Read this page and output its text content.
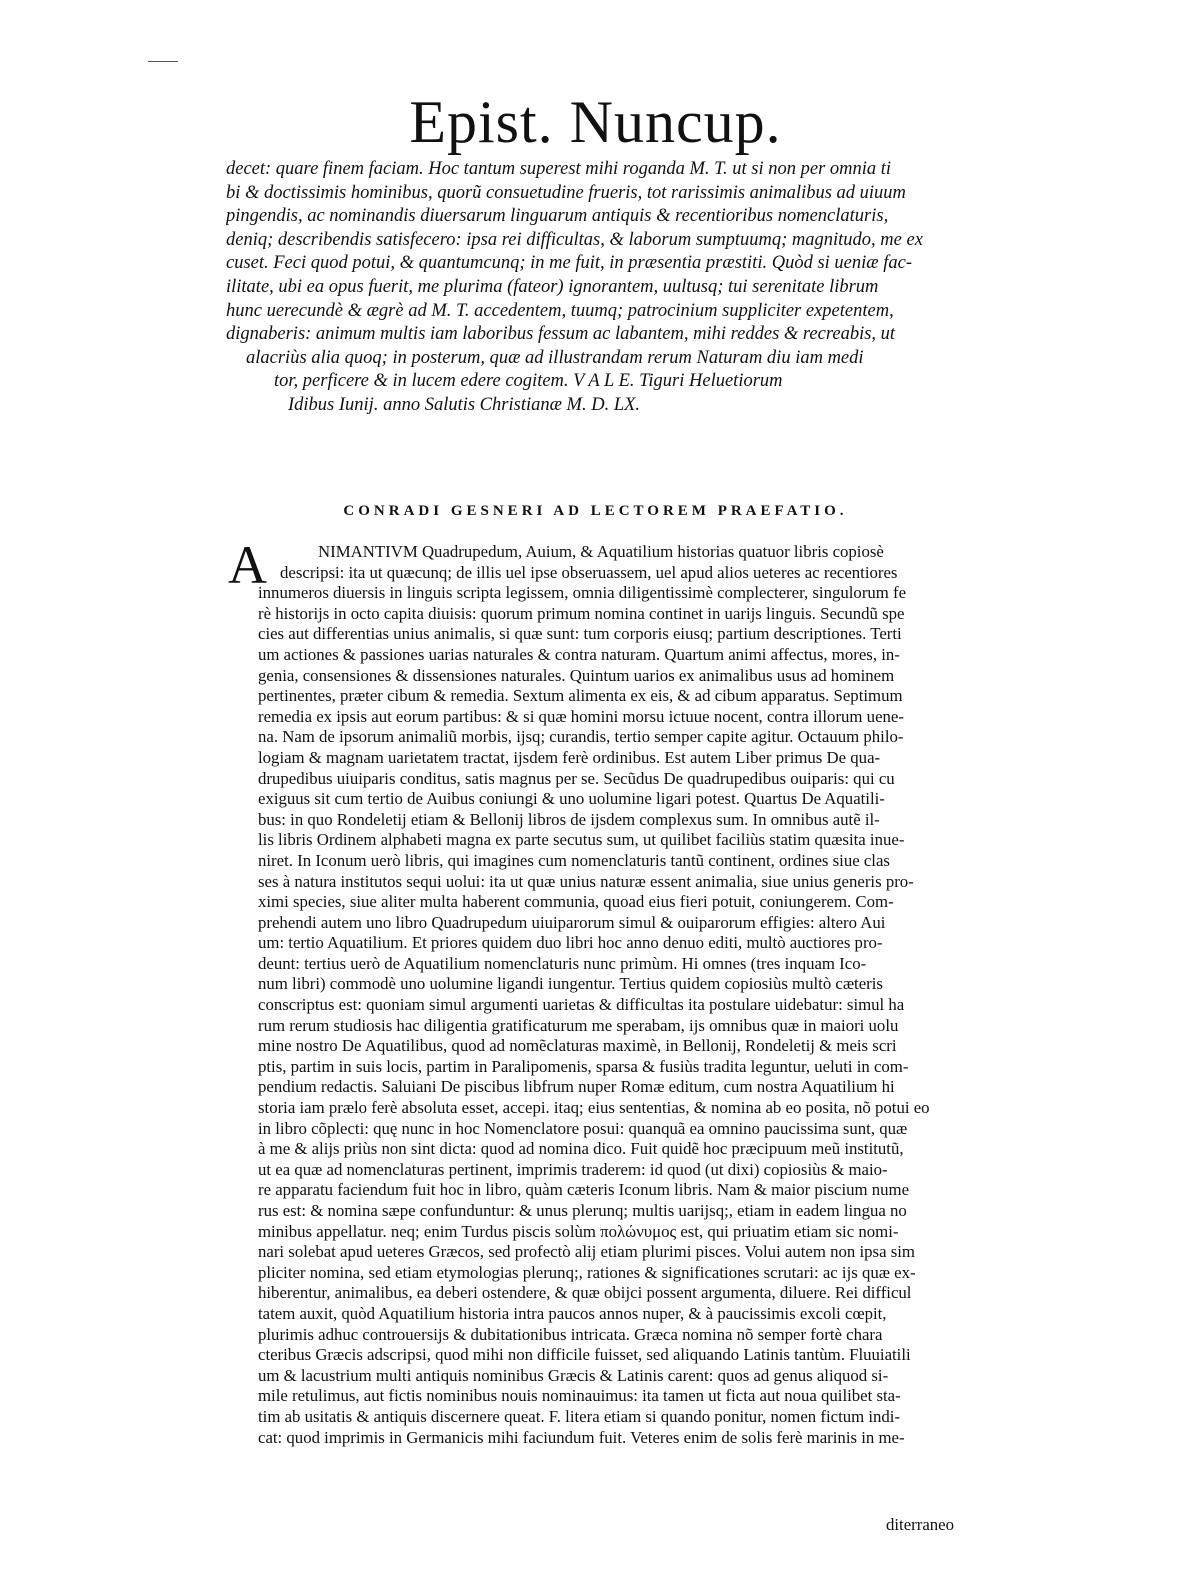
Epist. Nuncup.
decet: quare finem faciam. Hoc tantum superest mihi roganda M. T. ut si non per omnia ti
bi & doctissimis hominibus, quorũ consuetudine frueris, tot rarissimis animalibus ad uiuum
pingendis, ac nominandis diuersarum linguarum antiquis & recentioribus nomenclaturis,
deniq; describendis satisfecero: ipsa rei difficultas, & laborum sumptuumq; magnitudo, me ex
cuset. Feci quod potui, & quantumcunq; in me fuit, in præsentia præstiti. Quòd si ueniæ fac-
ilitate, ubi ea opus fuerit, me plurima (fateor) ignorantem, uultusq; tui serenitate librum
hunc uerecundè & ægrè ad M. T. accedentem, tuumq; patrocinium suppliciter expetentem,
dignaberis: animum multis iam laboribus fessum ac labantem, mihi reddes & recreabis, ut
alacriùs alia quoq; in posterum, quæ ad illustrandam rerum Naturam diu iam medi
tor, perficere & in lucem edere cogitem. V A L E. Tiguri Heluetiorum
Idibus Iunij. anno Salutis Christianæ M. D. LX.
CONRADI GESNERI AD LECTOREM PRAEFATIO.
A	NIMANTIVM Quadrupedum, Auium, & Aquatilium historias quatuor libris copiosè
descripsi: ita ut quæcunq; de illis uel ipse obseruassem, uel apud alios ueteres ac recentiores
innumeros diuersis in linguis scripta legissem, omnia diligentissimè complecterer, singulorum fe
rè historijs in octo capita diuisis: quorum primum nomina continet in uarijs linguis. Secundũ spe
cies aut differentias unius animalis, si quæ sunt: tum corporis eiusq; partium descriptiones. Terti
um actiones & passiones uarias naturales & contra naturam. Quartum animi affectus, mores, in-
genia, consensiones & dissensiones naturales. Quintum uarios ex animalibus usus ad hominem
pertinentes, præter cibum & remedia. Sextum alimenta ex eis, & ad cibum apparatus. Septimum
remedia ex ipsis aut eorum partibus: & si quæ homini morsu ictuue nocent, contra illorum uene-
na. Nam de ipsorum animaliũ morbis, ijsq; curandis, tertio semper capite agitur. Octauum philo-
logiam & magnam uarietatem tractat, ijsdem ferè ordinibus. Est autem Liber primus De qua-
drupedibus uiuiparis conditus, satis magnus per se. Secũdus De quadrupedibus ouiparis: qui cu
exiguus sit cum tertio de Auibus coniungi & uno uolumine ligari potest. Quartus De Aquatili-
bus: in quo Rondeletij etiam & Bellonij libros de ijsdem complexus sum. In omnibus autẽ il-
lis libris Ordinem alphabeti magna ex parte secutus sum, ut quilibet faciliùs statim quæsita inue-
niret. In Iconum uerò libris, qui imagines cum nomenclaturis tantũ continent, ordines siue clas
ses à natura institutos sequi uolui: ita ut quæ unius naturæ essent animalia, siue unius generis pro-
ximi species, siue aliter multa haberent communia, quoad eius fieri potuit, coniungerem. Com-
prehendi autem uno libro Quadrupedum uiuiparorum simul & ouiparorum effigies: altero Aui
um: tertio Aquatilium. Et priores quidem duo libri hoc anno denuo editi, multò auctiores pro-
deunt: tertius uerò de Aquatilium nomenclaturis nunc primùm. Hi omnes (tres inquam Ico-
num libri) commodè uno uolumine ligandi iungentur. Tertius quidem copiosiùs multò cæteris
conscriptus est: quoniam simul argumenti uarietas & difficultas ita postulare uidebatur: simul ha
rum rerum studiosis hac diligentia gratificaturum me sperabam, ijs omnibus quæ in maiori uolu
mine nostro De Aquatilibus, quod ad nomẽclaturas maximè, in Bellonij, Rondeletij & meis scri
ptis, partim in suis locis, partim in Paralipomenis, sparsa & fusiùs tradita leguntur, ueluti in com-
pendium redactis. Saluiani De piscibus libfrum nuper Romæ editum, cum nostra Aquatilium hi
storia iam prælo ferè absoluta esset, accepi. itaq; eius sententias, & nomina ab eo posita, nõ potui eo
in libro cõplecti: quę nunc in hoc Nomenclatore posui: quanquã ea omnino paucissima sunt, quæ
à me & alijs priùs non sint dicta: quod ad nomina dico. Fuit quidẽ hoc præcipuum meũ institutũ,
ut ea quæ ad nomenclaturas pertinent, imprimis traderem: id quod (ut dixi) copiosiùs & maio-
re apparatu faciendum fuit hoc in libro, quàm cæteris Iconum libris. Nam & maior piscium nume
rus est: & nomina sæpe confunduntur: & unus plerunq; multis uarijsq;, etiam in eadem lingua no
minibus appellatur. neq; enim Turdus piscis solùm πολώνυμος est, qui priuatim etiam sic nomi-
nari solebat apud ueteres Græcos, sed profectò alij etiam plurimi pisces. Volui autem non ipsa sim
pliciter nomina, sed etiam etymologias plerunq;, rationes & significationes scrutari: ac ijs quæ ex-
hiberentur, animalibus, ea deberi ostendere, & quæ obijci possent argumenta, diluere. Rei difficul
tatem auxit, quòd Aquatilium historia intra paucos annos nuper, & à paucissimis excoli cœpit,
plurimis adhuc controuersijs & dubitationibus intricata. Græca nomina nõ semper fortè chara
cteribus Græcis adscripsi, quod mihi non difficile fuisset, sed aliquando Latinis tantùm. Fluuiatili
um & lacustrium multi antiquis nominibus Græcis & Latinis carent: quos ad genus aliquod si-
mile retulimus, aut fictis nominibus nouis nominauimus: ita tamen ut ficta aut noua quilibet sta-
tim ab usitatis & antiquis discernere queat. F. litera etiam si quando ponitur, nomen fictum indi-
cat: quod imprimis in Germanicis mihi faciundum fuit. Veteres enim de solis ferè marinis in me-
diterraneo
